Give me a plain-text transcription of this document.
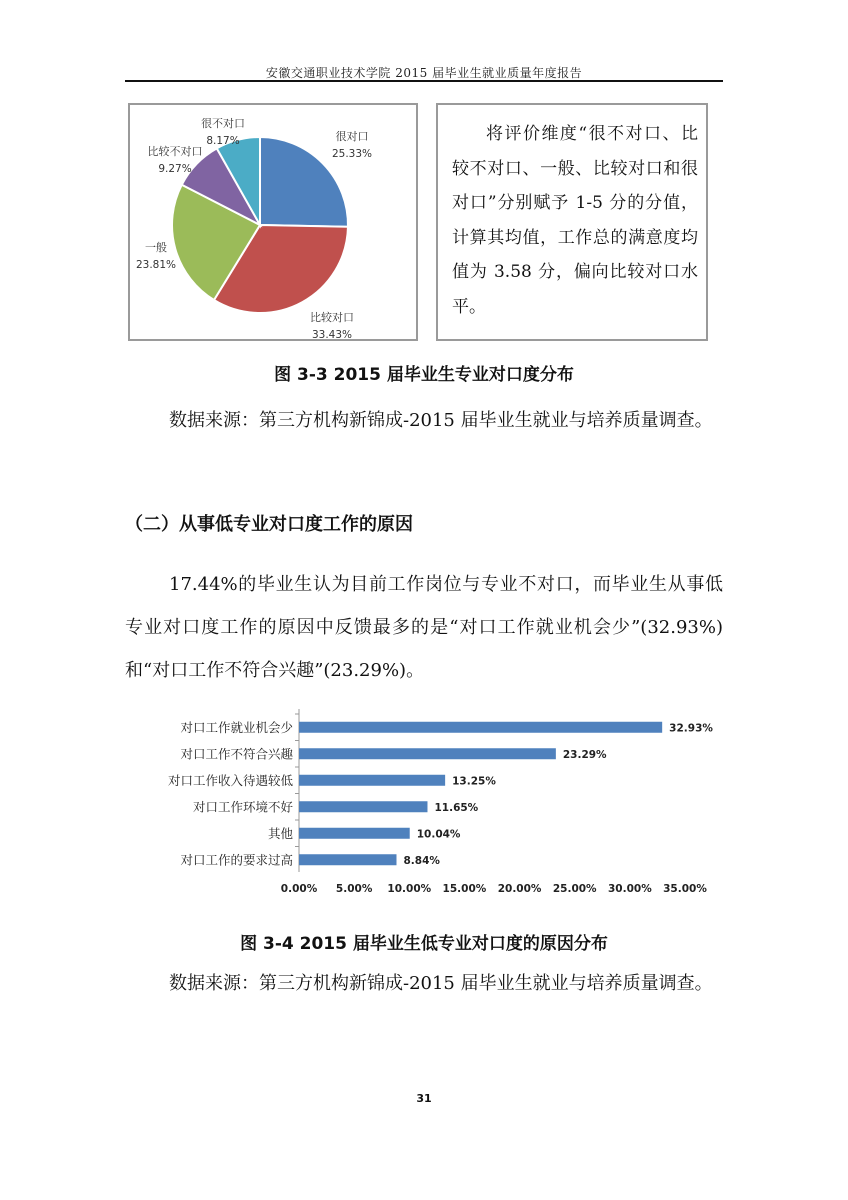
安徽交通职业技术学院 2015 届毕业生就业质量年度报告
很对口
25.33%
比较对口
33.43%
一般
23.81%
比较不对口
9.27%
很不对口
8.17%	将评价维度“很不对口、比较不对口、一般、比较对口和很对口”分别赋予 1-5 分的分值，计算其均值，工作总的满意度均值为 3.58 分，偏向比较对口水平。
图 3-3 2015 届毕业生专业对口度分布
数据来源：第三方机构新锦成-2015 届毕业生就业与培养质量调查。
（二）从事低专业对口度工作的原因
17.44%的毕业生认为目前工作岗位与专业不对口，而毕业生从事低专业对口度工作的原因中反馈最多的是“对口工作就业机会少”(32.93%)和“对口工作不符合兴趣”(23.29%)。
对口工作就业机会少	32.93%
对口工作不符合兴趣	23.29%
对口工作收入待遇较低	13.25%
对口工作环境不好	11.65%
其他	10.04%
对口工作的要求过高	8.84%
0.00% 5.00% 10.00% 15.00% 20.00% 25.00% 30.00% 35.00%
图 3-4 2015 届毕业生低专业对口度的原因分布
数据来源：第三方机构新锦成-2015 届毕业生就业与培养质量调查。
31
